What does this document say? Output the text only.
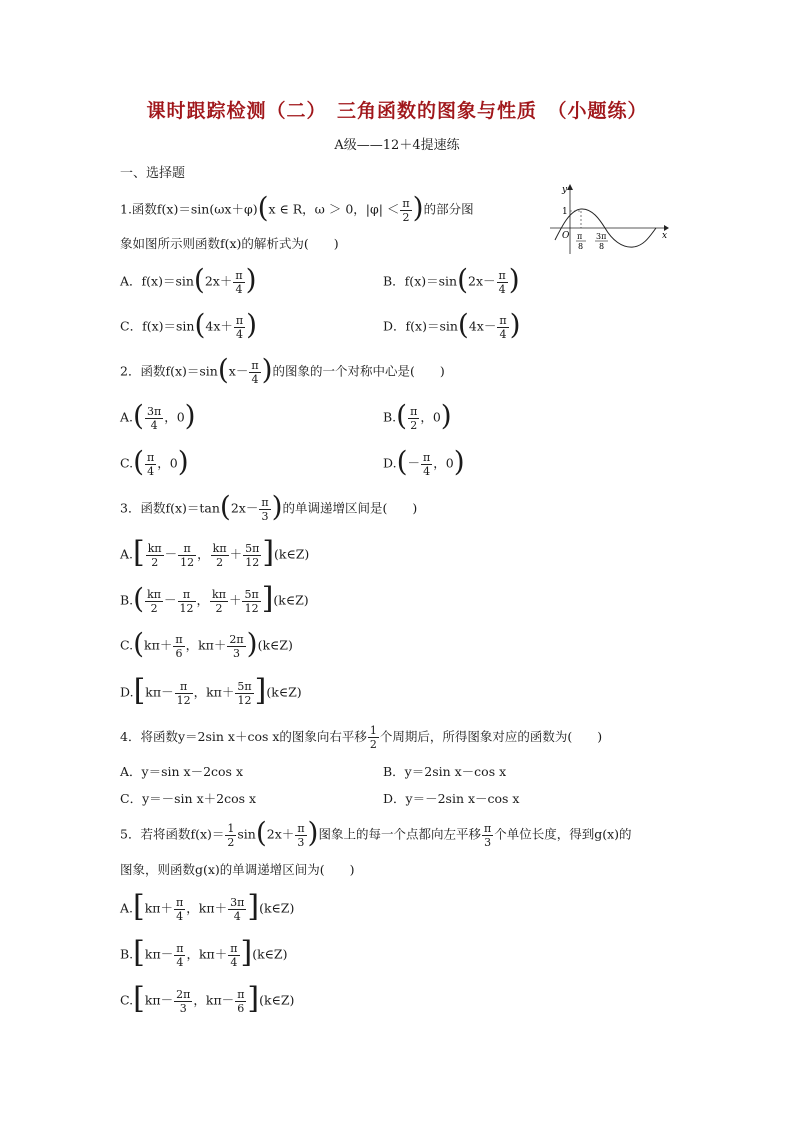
课时跟踪检测（二）　三角函数的图象与性质　（小题练）
A级——12＋4提速练
一、选择题
1.函数f(x)＝sin(ωx＋φ)(x ∈ R，ω ＞ 0，$|\varphi| < \frac{\pi}{2}$ )的部分图
象如图所示则函数f(x)的解析式为(　　)
y
x
1
O π
8
3π
8
A．$f(x)=\sin(2x+ \frac{\pi}{4}$ )	B．$f(x)=\sin(2x- \frac{\pi}{4}$ )
C．$f(x)=\sin(4x+ \frac{\pi}{4}$ )	D．$f(x)=\sin(4x- \frac{\pi}{4}$ )
2．函数$f(x)=\sin(x- \frac{\pi}{4}$ )的图象的一个对称中心是(　　)
$A.( \frac{3\pi}{4}$ ，0)	$B.( \frac{\pi}{2}$ ，0)
$C.( \frac{\pi}{4}$ ，0)	$D.(- \frac{\pi}{4}$ ，0)
3．函数$f(x)=\tan(2x- \frac{\pi}{3}$ )的单调递增区间是(　　)
$A.[ \frac{k\pi}{2} - \frac{\pi}{12}$ ， $\frac{k\pi}{2} + \frac{5\pi}{12}$ ](k∈Z)
$B.( \frac{k\pi}{2} - \frac{\pi}{12}$ ， $\frac{k\pi}{2} + \frac{5\pi}{12}$ ](k∈Z)
$C.(k\pi+ \frac{\pi}{6}$ ，$k\pi+ \frac{2\pi}{3}$ )(k∈Z)
$D.[k\pi- \frac{\pi}{12}$ ，$k\pi+ \frac{5\pi}{12}$ ](k∈Z)
4．将函数y＝2sin x＋cos x的图象向右平移 $\frac{1}{2}$ 个周期后，所得图象对应的函数为(　　)
A．y＝sin x－2cos x	B．y＝2sin x－cos x
C．y＝－sin x＋2cos x	D．y＝－2sin x－cos x
5．若将函数$f(x)= \frac{1}{2} \sin(2x+ \frac{\pi}{3}$ )图象上的每一个点都向左平移 $\frac{\pi}{3}$ 个单位长度，得到g(x)的
图象，则函数g(x)的单调递增区间为(　　)
$A.[k\pi+ \frac{\pi}{4}$ ，$k\pi+ \frac{3\pi}{4}$ ](k∈Z)
$B.[k\pi- \frac{\pi}{4}$ ，$k\pi+ \frac{\pi}{4}$ ](k∈Z)
$C.[k\pi- \frac{2\pi}{3}$ ，$k\pi- \frac{\pi}{6}$ ](k∈Z)
